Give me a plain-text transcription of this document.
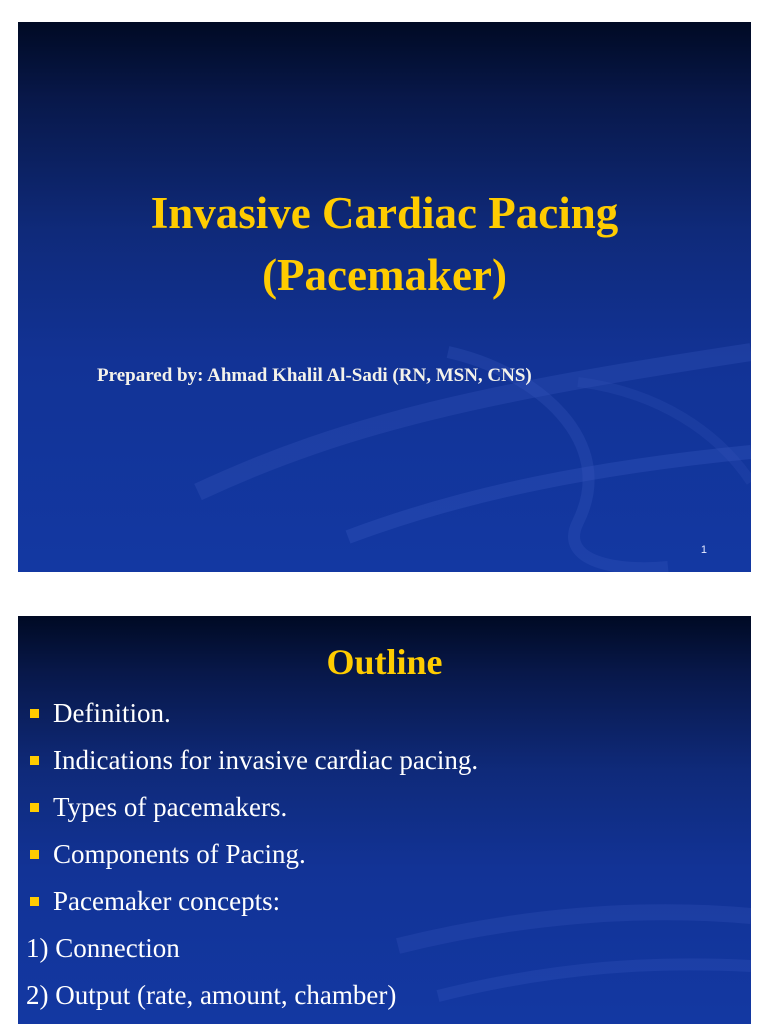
Invasive Cardiac Pacing
(Pacemaker)
Prepared by: Ahmad Khalil Al-Sadi (RN, MSN, CNS)
1
Outline
Definition.
Indications for invasive cardiac pacing.
Types of pacemakers.
Components of Pacing.
Pacemaker concepts:
1) Connection
2) Output (rate, amount, chamber)
